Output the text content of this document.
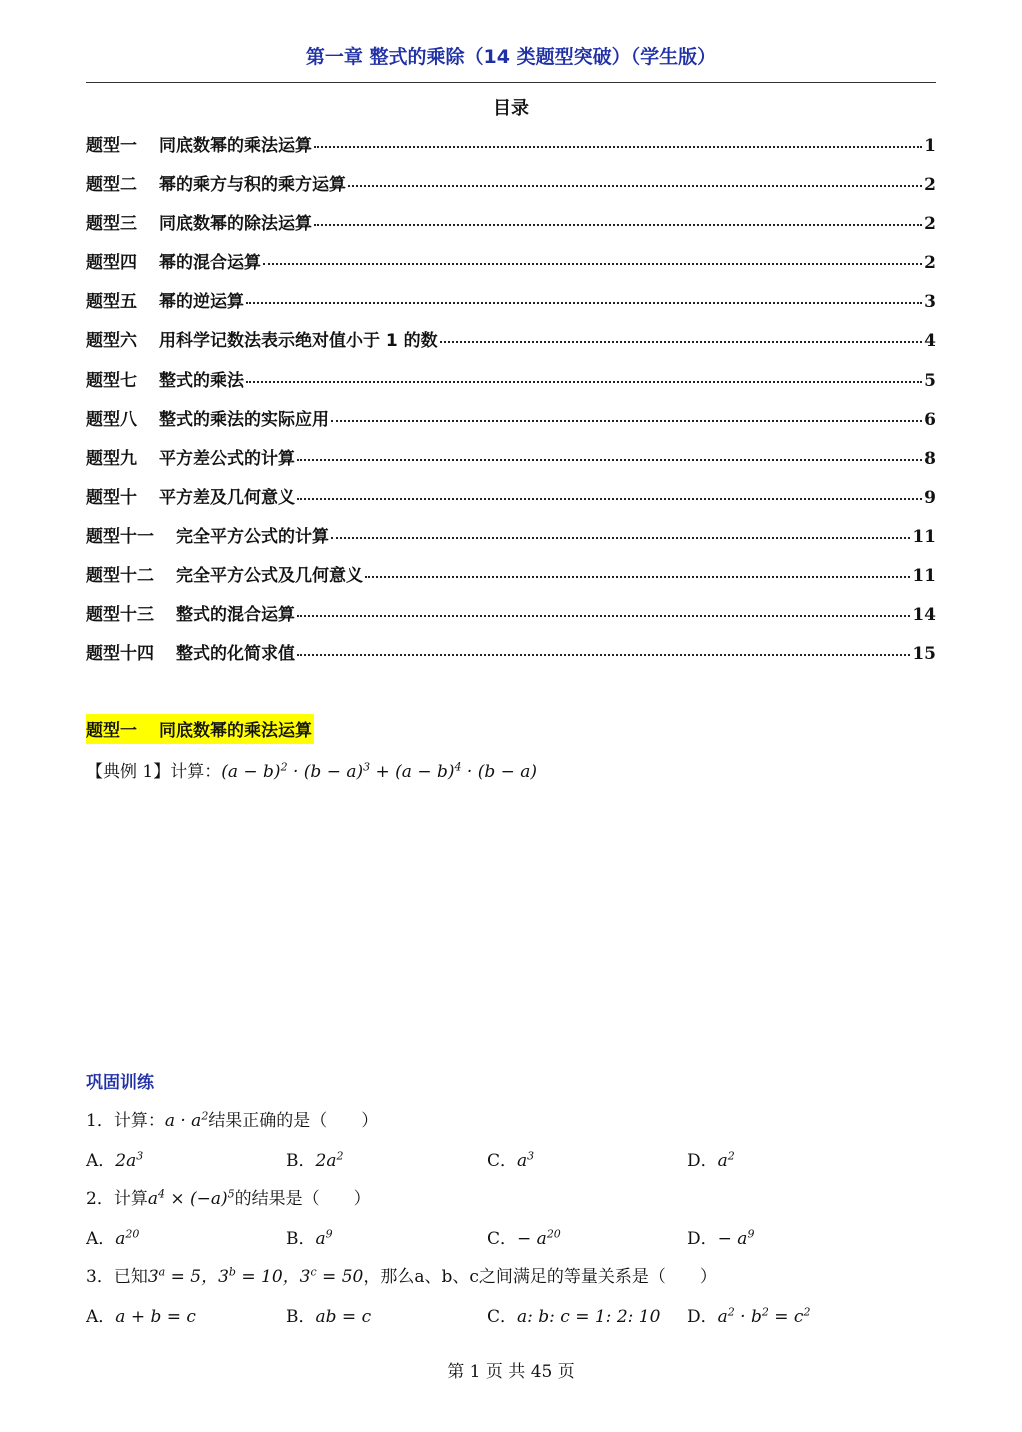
第一章 整式的乘除（14 类题型突破）（学生版）
目录
题型一 同底数幂的乘法运算	1
题型二 幂的乘方与积的乘方运算	2
题型三 同底数幂的除法运算	2
题型四 幂的混合运算	2
题型五 幂的逆运算	3
题型六 用科学记数法表示绝对值小于 1 的数	4
题型七 整式的乘法	5
题型八 整式的乘法的实际应用	6
题型九 平方差公式的计算	8
题型十 平方差及几何意义	9
题型十一 完全平方公式的计算	11
题型十二 完全平方公式及几何意义	11
题型十三 整式的混合运算	14
题型十四 整式的化简求值	15
题型一 同底数幂的乘法运算
【典例 1】计算：$(a - b)^2 \cdot (b - a)^3 + (a - b)^4 \cdot (b - a)$
巩固训练
1．计算：$a \cdot a^2$结果正确的是（　　）
A．$2a^3$	B．$2a^2$	C．$a^3$	D．$a^2$
2．计算$a^4 \times (-a)^5$的结果是（　　）
A．$a^{20}$	B．$a^9$	C．− $a^{20}$	D．− $a^9$
3．已知$3^a = 5$，$3^b = 10$，$3^c = 50$，那么a、b、c之间满足的等量关系是（　　）
A．a + b = c	B．ab = c	C．a: b: c = 1: 2: 10 D．$a^2 \cdot b^2 = c^2$
第 1 页 共 45 页
